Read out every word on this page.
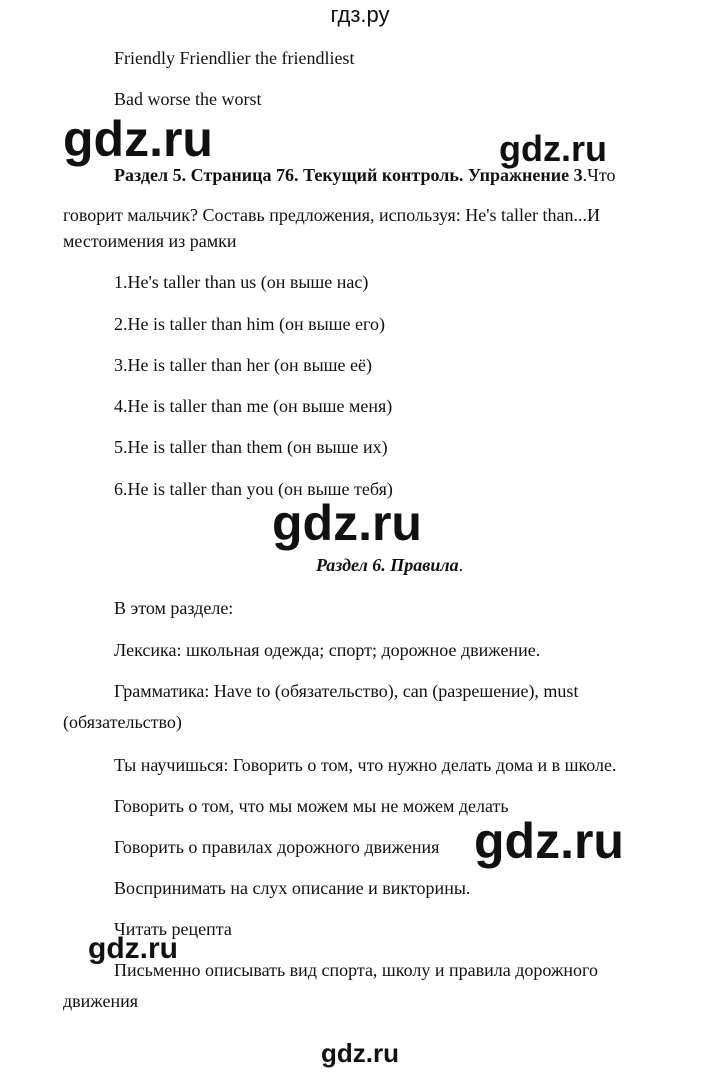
гдз.ру
Friendly Friendlier the friendliest
Bad worse the worst
gdz.ru	gdz.ru
Раздел 5. Страница 76. Текущий контроль. Упражнение 3.Что
говорит мальчик? Составь предложения, используя: He's taller than...И
местоимения из рамки
1.He's taller than us (он выше нас)
2.He is taller than him (он выше его)
3.He is taller than her (он выше её)
4.He is taller than me (он выше меня)
5.He is taller than them (он выше их)
6.He is taller than you (он выше тебя)
gdz.ru
Раздел 6. Правила.
В этом разделе:
Лексика: школьная одежда; спорт; дорожное движение.
Грамматика: Have to (обязательство), can (разрешение), must
(обязательство)
Ты научишься: Говорить о том, что нужно делать дома и в школе.
Говорить о том, что мы можем мы не можем делать
Говорить о правилах дорожного движения gdz.ru
Воспринимать на слух описание и викторины.
Читать рецепта
gdz.ru
Письменно описывать вид спорта, школу и правила дорожного
движения
gdz.ru
